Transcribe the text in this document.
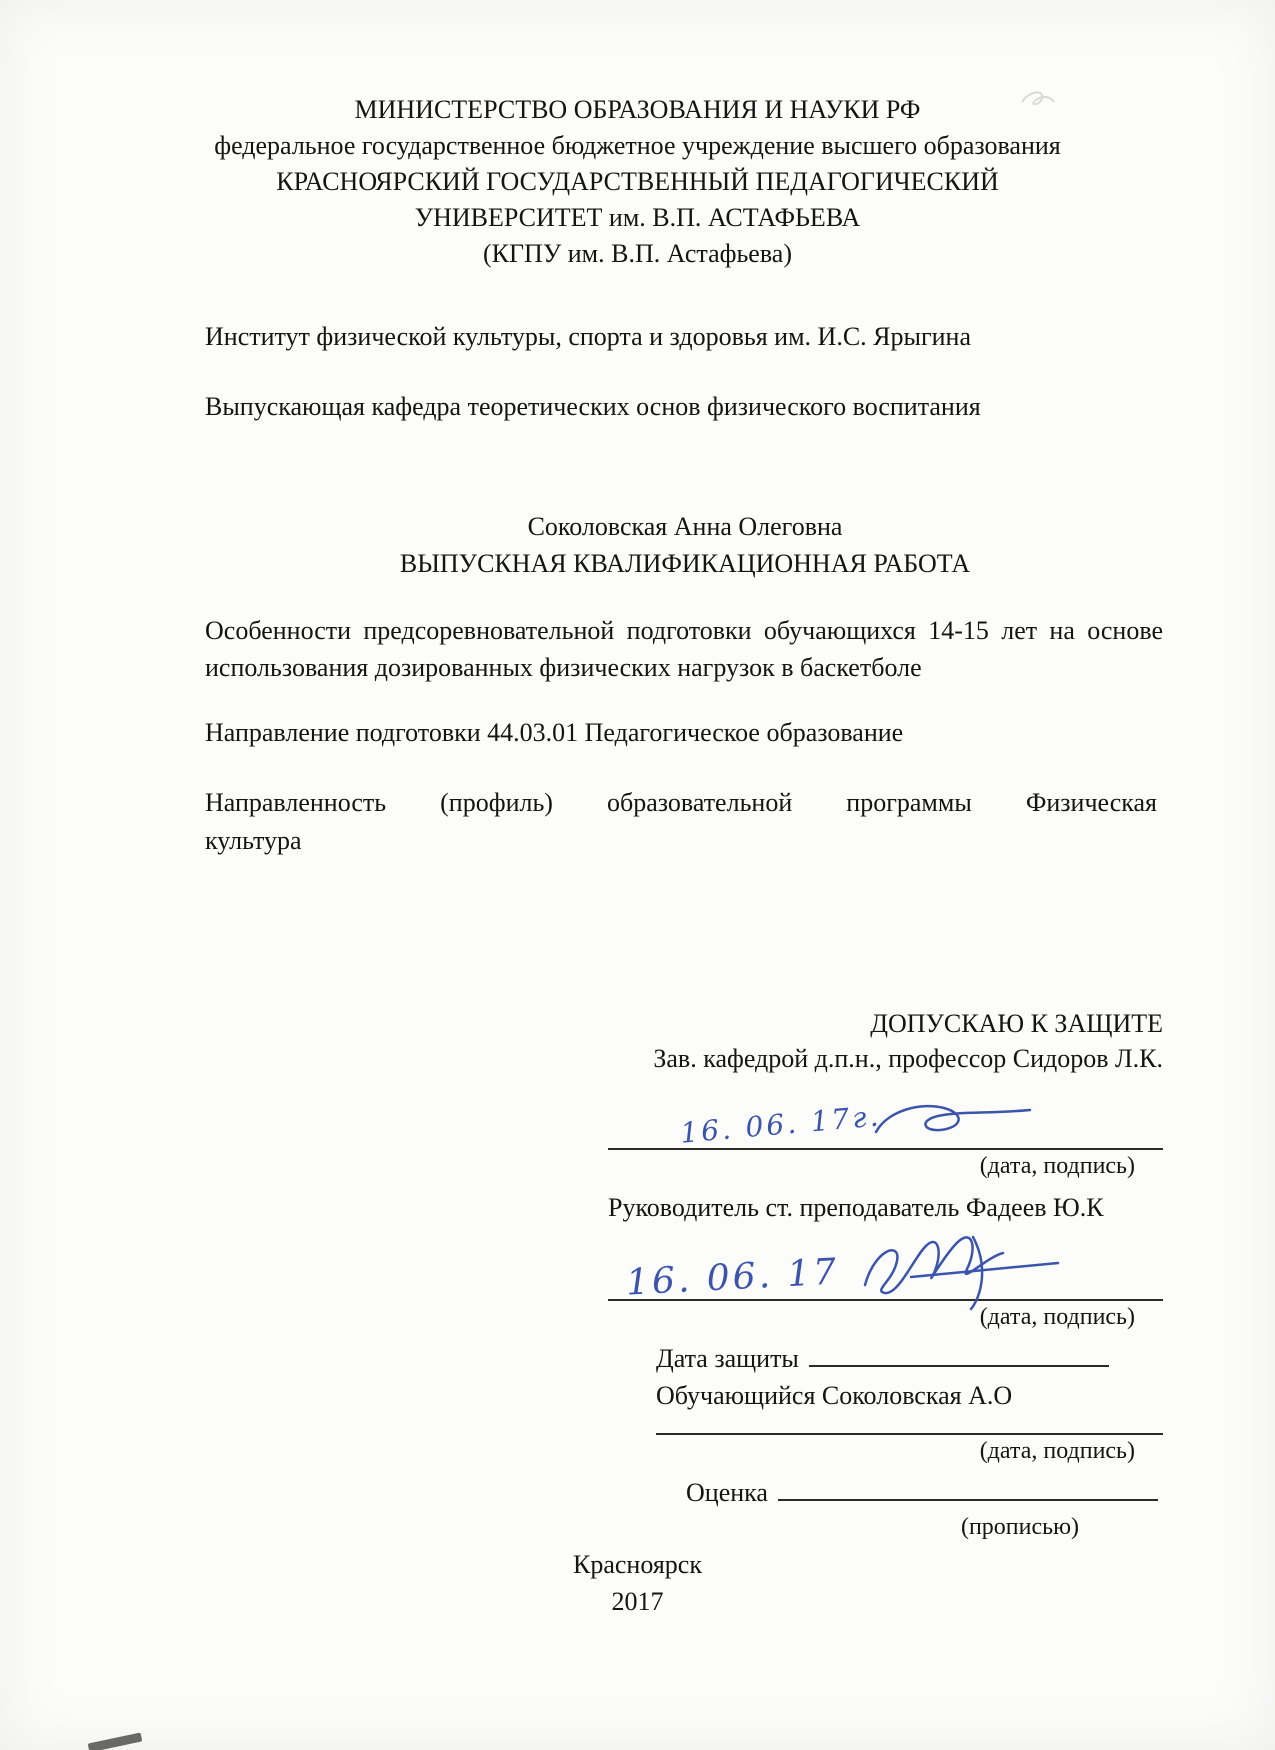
МИНИСТЕРСТВО ОБРАЗОВАНИЯ И НАУКИ РФ
федеральное государственное бюджетное учреждение высшего образования
КРАСНОЯРСКИЙ ГОСУДАРСТВЕННЫЙ ПЕДАГОГИЧЕСКИЙ
УНИВЕРСИТЕТ им. В.П. АСТАФЬЕВА
(КГПУ им. В.П. Астафьева)
Институт физической культуры, спорта и здоровья им. И.С. Ярыгина
Выпускающая кафедра теоретических основ физического воспитания
Соколовская Анна Олеговна
ВЫПУСКНАЯ КВАЛИФИКАЦИОННАЯ РАБОТА
Особенности предсоревновательной подготовки обучающихся 14-15 лет на основе использования дозированных физических нагрузок в баскетболе
Направление подготовки 44.03.01 Педагогическое образование
Направленность (профиль) образовательной программы Физическая культура
ДОПУСКАЮ К ЗАЩИТЕ
Зав. кафедрой д.п.н., профессор Сидоров Л.К.
16. 06. 17г.
(дата, подпись)
Руководитель ст. преподаватель Фадеев Ю.К
16. 06. 17
(дата, подпись)
Дата защиты
Обучающийся Соколовская А.О
(дата, подпись)
Оценка
(прописью)
Красноярск
2017
